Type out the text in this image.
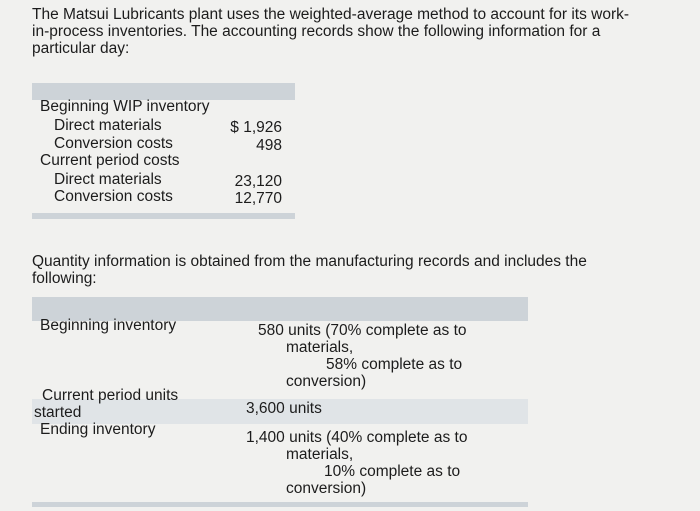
The Matsui Lubricants plant uses the weighted-average method to account for its work-
in-process inventories. The accounting records show the following information for a
particular day:
Beginning WIP inventory
Direct materials	$ 1,926
Conversion costs	498
Current period costs
Direct materials	23,120
Conversion costs	12,770
Quantity information is obtained from the manufacturing records and includes the
following:
Beginning inventory	580 units (70% complete as to
materials,
58% complete as to
conversion)
Current period units
started	3,600 units
Ending inventory	1,400 units (40% complete as to
materials,
10% complete as to
conversion)
